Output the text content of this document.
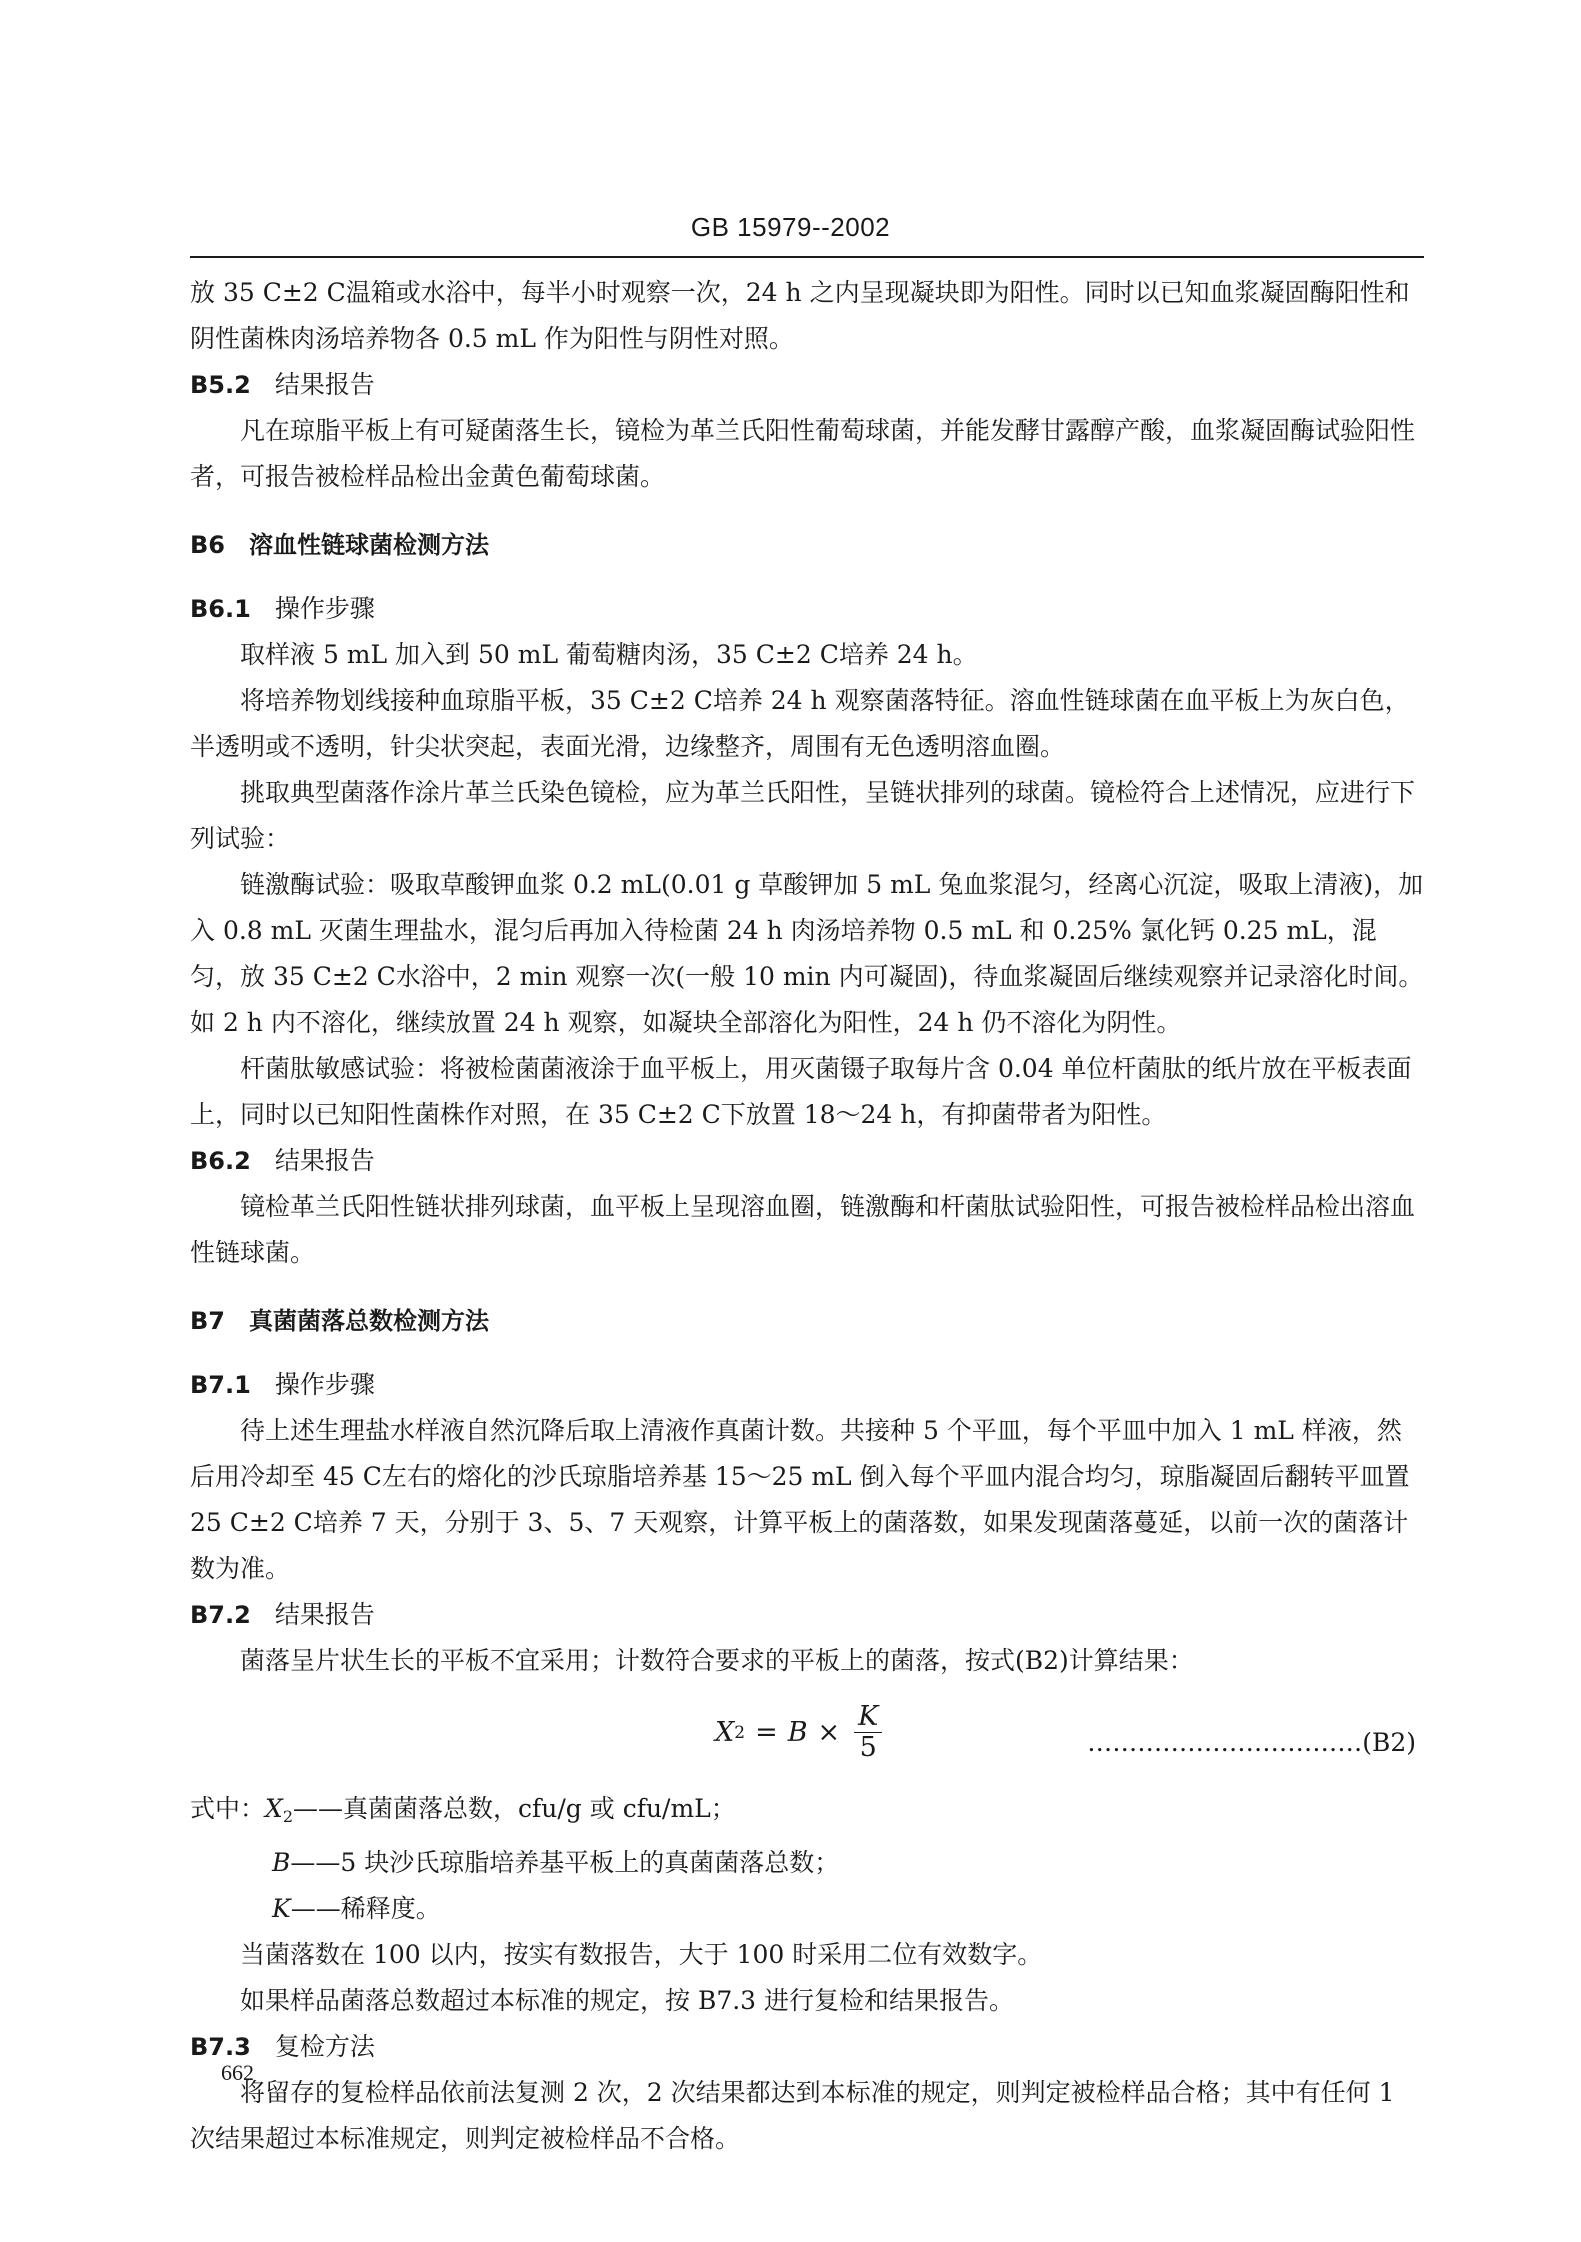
GB 15979--2002

放 35 C±2 C温箱或水浴中，每半小时观察一次，24 h 之内呈现凝块即为阳性。同时以已知血浆凝固酶阳性和阴性菌株肉汤培养物各 0.5 mL 作为阳性与阴性对照。

B5.2 结果报告

凡在琼脂平板上有可疑菌落生长，镜检为革兰氏阳性葡萄球菌，并能发酵甘露醇产酸，血浆凝固酶试验阳性者，可报告被检样品检出金黄色葡萄球菌。

B6 溶血性链球菌检测方法

B6.1 操作步骤

取样液 5 mL 加入到 50 mL 葡萄糖肉汤，35 C±2 C培养 24 h。

将培养物划线接种血琼脂平板，35 C±2 C培养 24 h 观察菌落特征。溶血性链球菌在血平板上为灰白色，半透明或不透明，针尖状突起，表面光滑，边缘整齐，周围有无色透明溶血圈。

挑取典型菌落作涂片革兰氏染色镜检，应为革兰氏阳性，呈链状排列的球菌。镜检符合上述情况，应进行下列试验：

链激酶试验：吸取草酸钾血浆 0.2 mL(0.01 g 草酸钾加 5 mL 兔血浆混匀，经离心沉淀，吸取上清液)，加入 0.8 mL 灭菌生理盐水，混匀后再加入待检菌 24 h 肉汤培养物 0.5 mL 和 0.25% 氯化钙 0.25 mL，混匀，放 35 C±2 C水浴中，2 min 观察一次(一般 10 min 内可凝固)，待血浆凝固后继续观察并记录溶化时间。如 2 h 内不溶化，继续放置 24 h 观察，如凝块全部溶化为阳性，24 h 仍不溶化为阴性。

杆菌肽敏感试验：将被检菌菌液涂于血平板上，用灭菌镊子取每片含 0.04 单位杆菌肽的纸片放在平板表面上，同时以已知阳性菌株作对照，在 35 C±2 C下放置 18～24 h，有抑菌带者为阳性。

B6.2 结果报告

镜检革兰氏阳性链状排列球菌，血平板上呈现溶血圈，链激酶和杆菌肽试验阳性，可报告被检样品检出溶血性链球菌。

B7 真菌菌落总数检测方法

B7.1 操作步骤

待上述生理盐水样液自然沉降后取上清液作真菌计数。共接种 5 个平皿，每个平皿中加入 1 mL 样液，然后用冷却至 45 C左右的熔化的沙氏琼脂培养基 15～25 mL 倒入每个平皿内混合均匀，琼脂凝固后翻转平皿置 25 C±2 C培养 7 天，分别于 3、5、7 天观察，计算平板上的菌落数，如果发现菌落蔓延，以前一次的菌落计数为准。

B7.2 结果报告

菌落呈片状生长的平板不宜采用；计数符合要求的平板上的菌落，按式(B2)计算结果：

X $2 = B \times \frac{K}{5}$	……………………………(B2)

式中：$X_2——$真菌菌落总数，cfu/g 或 cfu/mL；

B——5 块沙氏琼脂培养基平板上的真菌菌落总数；

K——稀释度。

当菌落数在 100 以内，按实有数报告，大于 100 时采用二位有效数字。

如果样品菌落总数超过本标准的规定，按 B7.3 进行复检和结果报告。

B7.3 复检方法

将留存的复检样品依前法复测 2 次，2 次结果都达到本标准的规定，则判定被检样品合格；其中有任何 1 次结果超过本标准规定，则判定被检样品不合格。

662
